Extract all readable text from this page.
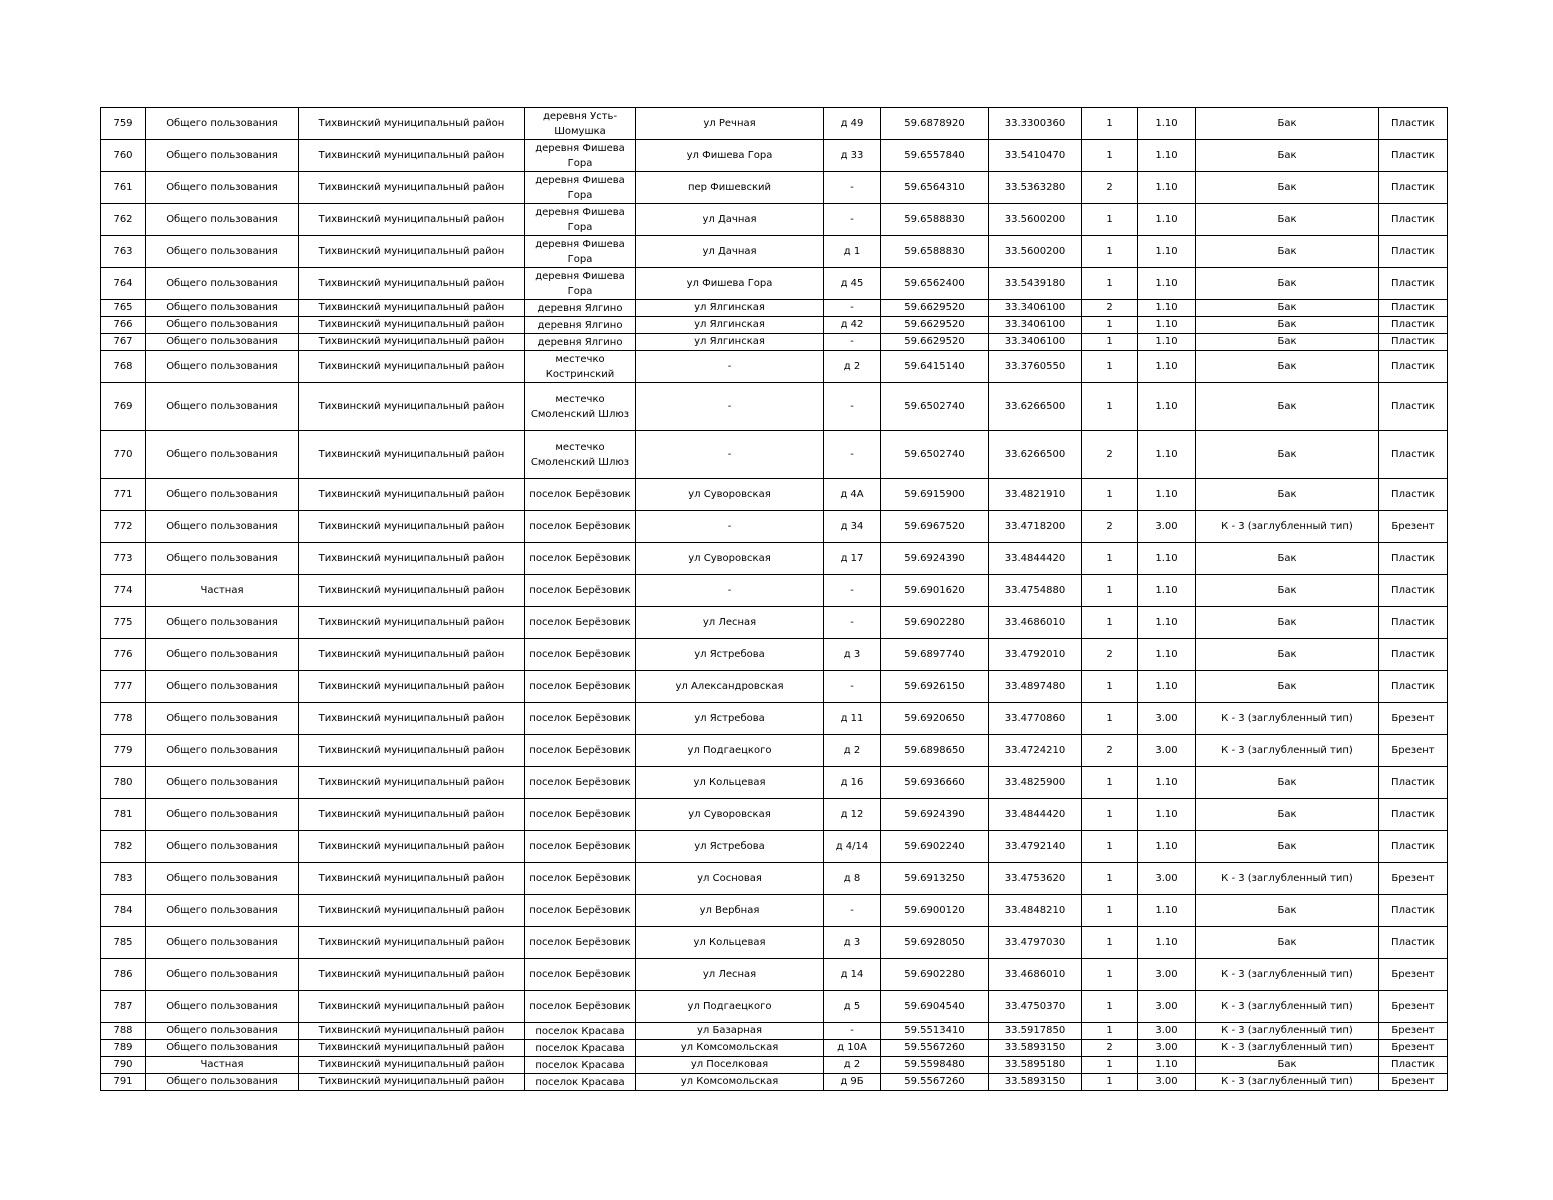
759	Общего пользования	Тихвинский муниципальный район	деревня Усть-Шомушка	ул Речная	д 49	59.6878920	33.3300360	1	1.10	Бак	Пластик
760	Общего пользования	Тихвинский муниципальный район	деревня Фишева Гора	ул Фишева Гора	д 33	59.6557840	33.5410470	1	1.10	Бак	Пластик
761	Общего пользования	Тихвинский муниципальный район	деревня Фишева Гора	пер Фишевский	-	59.6564310	33.5363280	2	1.10	Бак	Пластик
762	Общего пользования	Тихвинский муниципальный район	деревня Фишева Гора	ул Дачная	-	59.6588830	33.5600200	1	1.10	Бак	Пластик
763	Общего пользования	Тихвинский муниципальный район	деревня Фишева Гора	ул Дачная	д 1	59.6588830	33.5600200	1	1.10	Бак	Пластик
764	Общего пользования	Тихвинский муниципальный район	деревня Фишева Гора	ул Фишева Гора	д 45	59.6562400	33.5439180	1	1.10	Бак	Пластик
765	Общего пользования	Тихвинский муниципальный район	деревня Ялгино	ул Ялгинская	-	59.6629520	33.3406100	2	1.10	Бак	Пластик
766	Общего пользования	Тихвинский муниципальный район	деревня Ялгино	ул Ялгинская	д 42	59.6629520	33.3406100	1	1.10	Бак	Пластик
767	Общего пользования	Тихвинский муниципальный район	деревня Ялгино	ул Ялгинская	-	59.6629520	33.3406100	1	1.10	Бак	Пластик
768	Общего пользования	Тихвинский муниципальный район	местечко Костринский	-	д 2	59.6415140	33.3760550	1	1.10	Бак	Пластик
769	Общего пользования	Тихвинский муниципальный район	местечко Смоленский Шлюз	-	-	59.6502740	33.6266500	1	1.10	Бак	Пластик
770	Общего пользования	Тихвинский муниципальный район	местечко Смоленский Шлюз	-	-	59.6502740	33.6266500	2	1.10	Бак	Пластик
771	Общего пользования	Тихвинский муниципальный район	поселок Берёзовик	ул Суворовская	д 4А	59.6915900	33.4821910	1	1.10	Бак	Пластик
772	Общего пользования	Тихвинский муниципальный район	поселок Берёзовик	-	д 34	59.6967520	33.4718200	2	3.00	К - 3 (заглубленный тип)	Брезент
773	Общего пользования	Тихвинский муниципальный район	поселок Берёзовик	ул Суворовская	д 17	59.6924390	33.4844420	1	1.10	Бак	Пластик
774	Частная	Тихвинский муниципальный район	поселок Берёзовик	-	-	59.6901620	33.4754880	1	1.10	Бак	Пластик
775	Общего пользования	Тихвинский муниципальный район	поселок Берёзовик	ул Лесная	-	59.6902280	33.4686010	1	1.10	Бак	Пластик
776	Общего пользования	Тихвинский муниципальный район	поселок Берёзовик	ул Ястребова	д 3	59.6897740	33.4792010	2	1.10	Бак	Пластик
777	Общего пользования	Тихвинский муниципальный район	поселок Берёзовик	ул Александровская	-	59.6926150	33.4897480	1	1.10	Бак	Пластик
778	Общего пользования	Тихвинский муниципальный район	поселок Берёзовик	ул Ястребова	д 11	59.6920650	33.4770860	1	3.00	К - 3 (заглубленный тип)	Брезент
779	Общего пользования	Тихвинский муниципальный район	поселок Берёзовик	ул Подгаецкого	д 2	59.6898650	33.4724210	2	3.00	К - 3 (заглубленный тип)	Брезент
780	Общего пользования	Тихвинский муниципальный район	поселок Берёзовик	ул Кольцевая	д 16	59.6936660	33.4825900	1	1.10	Бак	Пластик
781	Общего пользования	Тихвинский муниципальный район	поселок Берёзовик	ул Суворовская	д 12	59.6924390	33.4844420	1	1.10	Бак	Пластик
782	Общего пользования	Тихвинский муниципальный район	поселок Берёзовик	ул Ястребова	д 4/14	59.6902240	33.4792140	1	1.10	Бак	Пластик
783	Общего пользования	Тихвинский муниципальный район	поселок Берёзовик	ул Сосновая	д 8	59.6913250	33.4753620	1	3.00	К - 3 (заглубленный тип)	Брезент
784	Общего пользования	Тихвинский муниципальный район	поселок Берёзовик	ул Вербная	-	59.6900120	33.4848210	1	1.10	Бак	Пластик
785	Общего пользования	Тихвинский муниципальный район	поселок Берёзовик	ул Кольцевая	д 3	59.6928050	33.4797030	1	1.10	Бак	Пластик
786	Общего пользования	Тихвинский муниципальный район	поселок Берёзовик	ул Лесная	д 14	59.6902280	33.4686010	1	3.00	К - 3 (заглубленный тип)	Брезент
787	Общего пользования	Тихвинский муниципальный район	поселок Берёзовик	ул Подгаецкого	д 5	59.6904540	33.4750370	1	3.00	К - 3 (заглубленный тип)	Брезент
788	Общего пользования	Тихвинский муниципальный район	поселок Красава	ул Базарная	-	59.5513410	33.5917850	1	3.00	К - 3 (заглубленный тип)	Брезент
789	Общего пользования	Тихвинский муниципальный район	поселок Красава	ул Комсомольская	д 10А	59.5567260	33.5893150	2	3.00	К - 3 (заглубленный тип)	Брезент
790	Частная	Тихвинский муниципальный район	поселок Красава	ул Поселковая	д 2	59.5598480	33.5895180	1	1.10	Бак	Пластик
791	Общего пользования	Тихвинский муниципальный район	поселок Красава	ул Комсомольская	д 9Б	59.5567260	33.5893150	1	3.00	К - 3 (заглубленный тип)	Брезент
